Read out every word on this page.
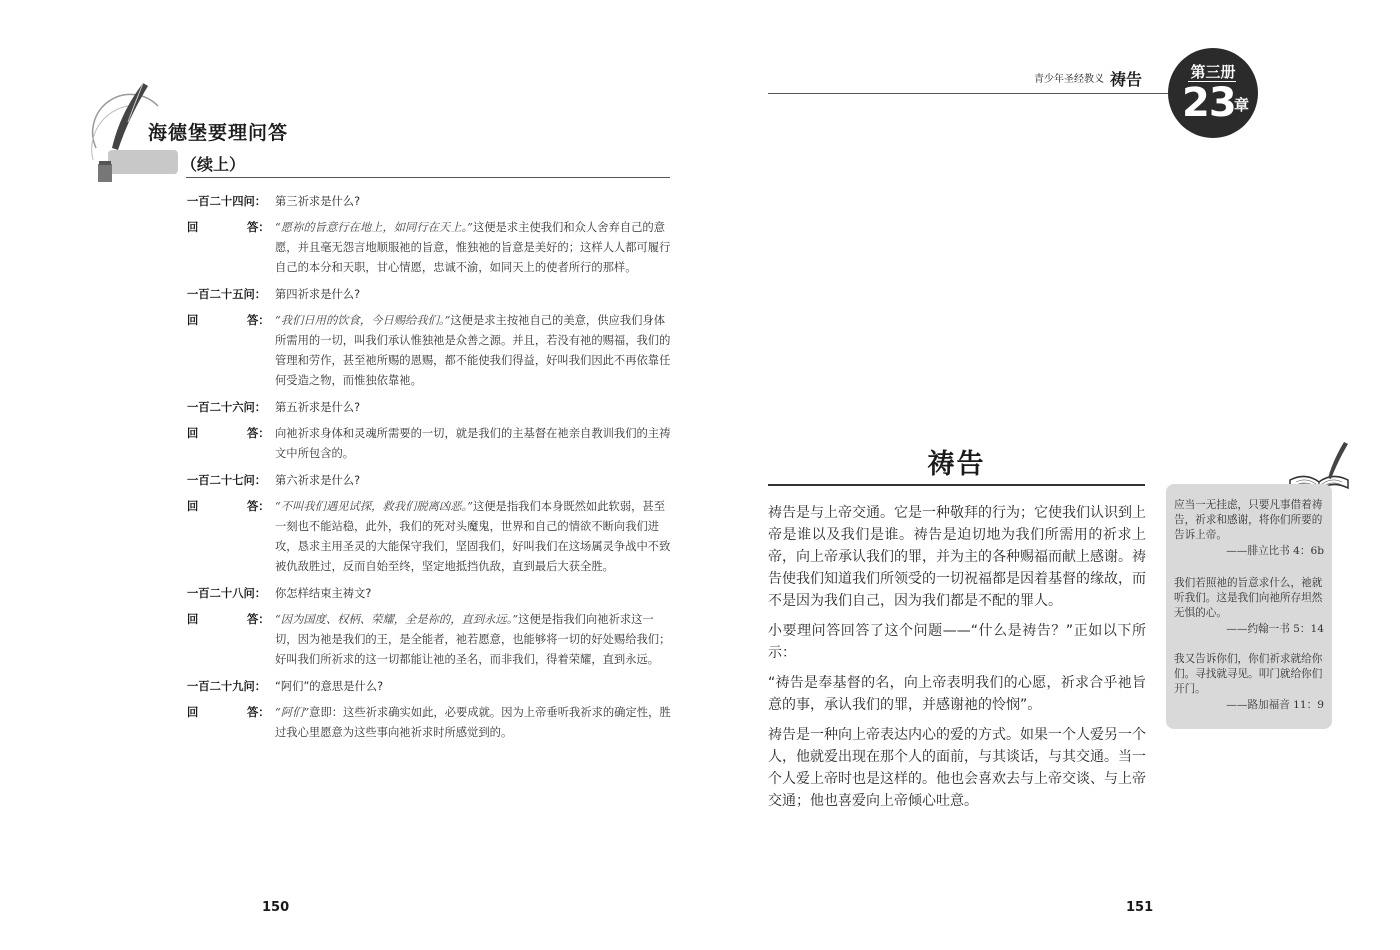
海德堡要理问答
（续上）
一百二十四问： 第三祈求是什么?
回	答： “愿祢的旨意行在地上，如同行在天上。”这便是求主使我们和众人舍弃自己的意愿，并且毫无怨言地顺服祂的旨意，惟独祂的旨意是美好的；这样人人都可履行自己的本分和天职，甘心情愿，忠诚不渝，如同天上的使者所行的那样。
一百二十五问： 第四祈求是什么?
回	答： “我们日用的饮食，今日赐给我们。”这便是求主按祂自己的美意，供应我们身体所需用的一切，叫我们承认惟独祂是众善之源。并且，若没有祂的赐福，我们的管理和劳作，甚至祂所赐的恩赐，都不能使我们得益，好叫我们因此不再依靠任何受造之物，而惟独依靠祂。
一百二十六问： 第五祈求是什么?
回	答： 向祂祈求身体和灵魂所需要的一切，就是我们的主基督在祂亲自教训我们的主祷文中所包含的。
一百二十七问： 第六祈求是什么?
回	答： “不叫我们遇见试探，救我们脱离凶恶。”这便是指我们本身既然如此软弱，甚至一刻也不能站稳，此外，我们的死对头魔鬼，世界和自己的情欲不断向我们进攻，恳求主用圣灵的大能保守我们，坚固我们，好叫我们在这场属灵争战中不致被仇敌胜过，反而自始至终，坚定地抵挡仇敌，直到最后大获全胜。
一百二十八问： 你怎样结束主祷文?
回	答： “因为国度、权柄、荣耀，全是祢的，直到永远。”这便是指我们向祂祈求这一切，因为祂是我们的王，是全能者，祂若愿意，也能够将一切的好处赐给我们；好叫我们所祈求的这一切都能让祂的圣名，而非我们，得着荣耀，直到永远。
一百二十九问： “阿们”的意思是什么?
回	答： “阿们”意即：这些祈求确实如此，必要成就。因为上帝垂听我祈求的确定性，胜过我心里愿意为这些事向祂祈求时所感觉到的。
150
青少年圣经教义 祷告	第三册
23
章
祷告

祷告是与上帝交通。它是一种敬拜的行为；它使我们认识到上帝是谁以及我们是谁。祷告是迫切地为我们所需用的祈求上帝，向上帝承认我们的罪，并为主的各种赐福而献上感谢。祷告使我们知道我们所领受的一切祝福都是因着基督的缘故，而不是因为我们自己，因为我们都是不配的罪人。

小要理问答回答了这个问题——“什么是祷告？”正如以下所示：

“祷告是奉基督的名，向上帝表明我们的心愿，祈求合乎祂旨意的事，承认我们的罪，并感谢祂的怜悯”。

祷告是一种向上帝表达内心的爱的方式。如果一个人爱另一个人，他就爱出现在那个人的面前，与其谈话，与其交通。当一个人爱上帝时也是这样的。他也会喜欢去与上帝交谈、与上帝交通；他也喜爱向上帝倾心吐意。

应当一无挂虑，只要凡事借着祷告，祈求和感谢，将你们所要的告诉上帝。
——腓立比书 4：6b
我们若照祂的旨意求什么，祂就听我们。这是我们向祂所存坦然无惧的心。
——约翰一书 5：14
我又告诉你们，你们祈求就给你们。寻找就寻见。叩门就给你们开门。
——路加福音 11：9
151
